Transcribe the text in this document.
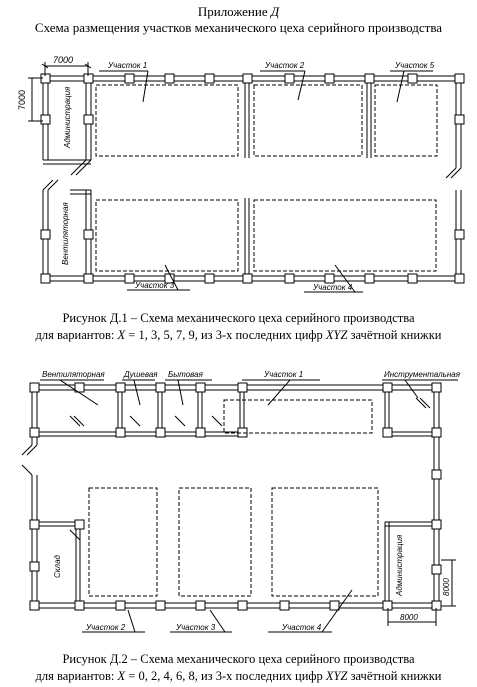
Приложение Д
Схема размещения участков механического цеха серийного производства
7000
7000
Участок 1	Участок 2	Участок 5
Участок 3	Участок 4
Администрация
Вентиляторная
Рисунок Д.1 – Схема механического цеха серийного производства
для вариантов: X = 1, 3, 5, 7, 9, из 3-х последних цифр XYZ зачётной книжки
Вентиляторная Душевая Бытовая	Участок 1	Инструментальная
Склад
Участок 2	Участок 3	Участок 4
Администрация
8000
8000
Рисунок Д.2 – Схема механического цеха серийного производства
для вариантов: X = 0, 2, 4, 6, 8, из 3-х последних цифр XYZ зачётной книжки
